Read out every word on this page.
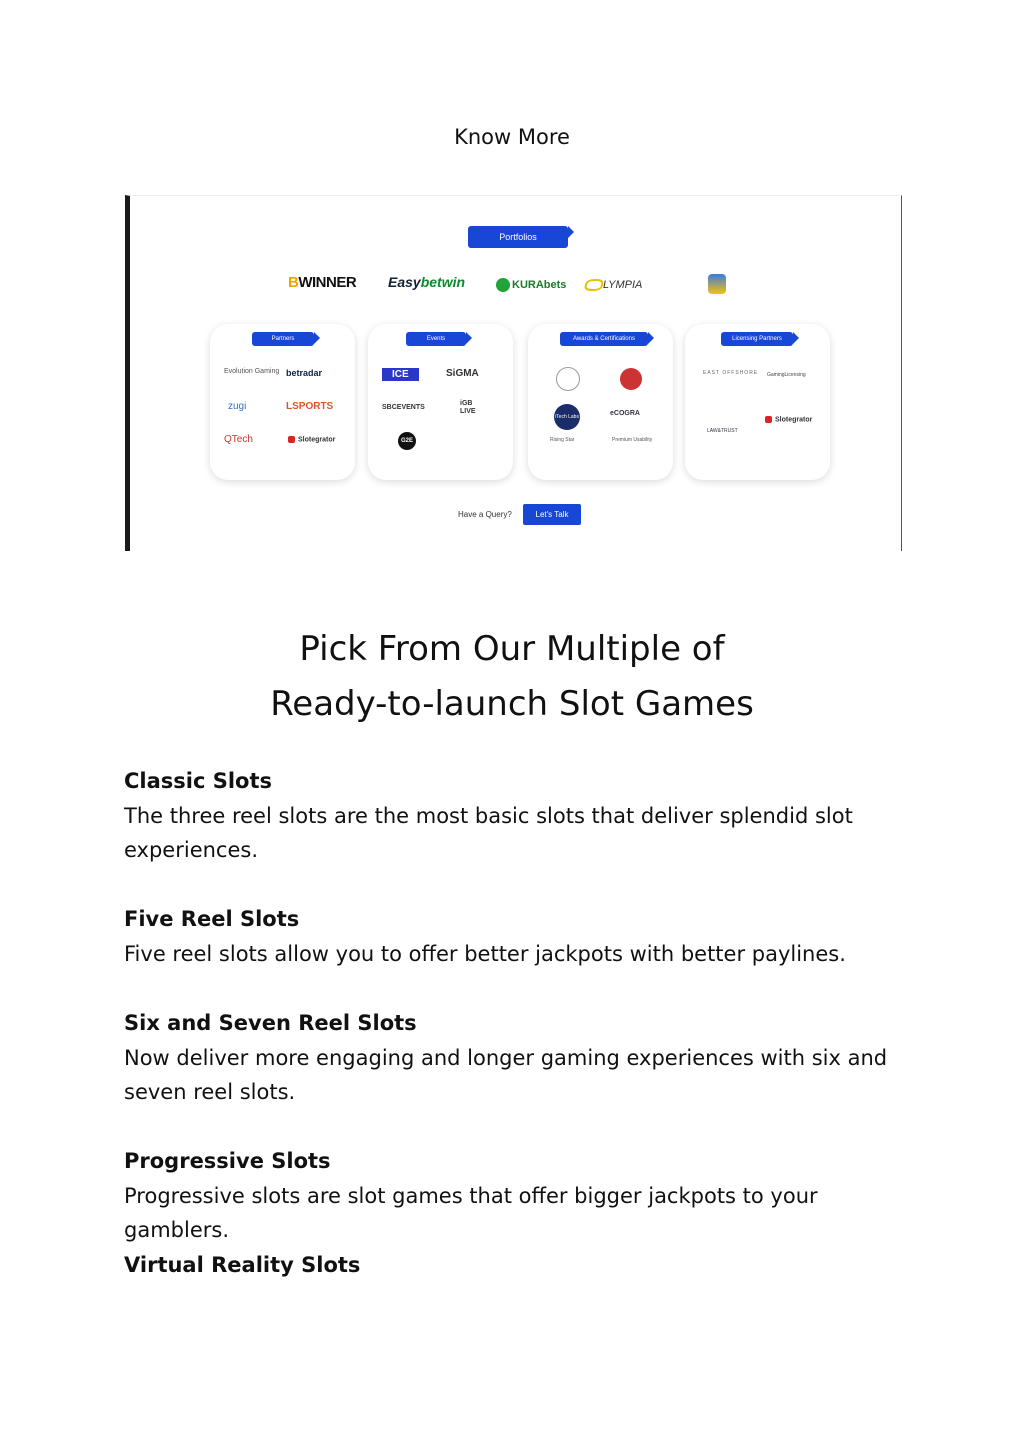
Know More
Portfolios
BWINNER Easybetwin	KURAbets	LYMPIA
Partners
Evolution Gaming betradar
zugi	LSPORTS
QTech	Slotegrator
Events
ICE	SiGMA
SBCEVENTS
iGB LIVE
G2E
Awards & Certifications
iTech Labs	eCOGRA
Rising Star	Premium Usability
Licensing Partners
EAST OFFSHORE GamingLicensing
LAW&TRUST
Slotegrator
Have a Query?	Let's Talk
Pick From Our Multiple of
Ready-to-launch Slot Games
Classic Slots
The three reel slots are the most basic slots that deliver splendid slot experiences.
Five Reel Slots
Five reel slots allow you to offer better jackpots with better paylines.
Six and Seven Reel Slots
Now deliver more engaging and longer gaming experiences with six and seven reel slots.
Progressive Slots
Progressive slots are slot games that offer bigger jackpots to your gamblers.
Virtual Reality Slots
